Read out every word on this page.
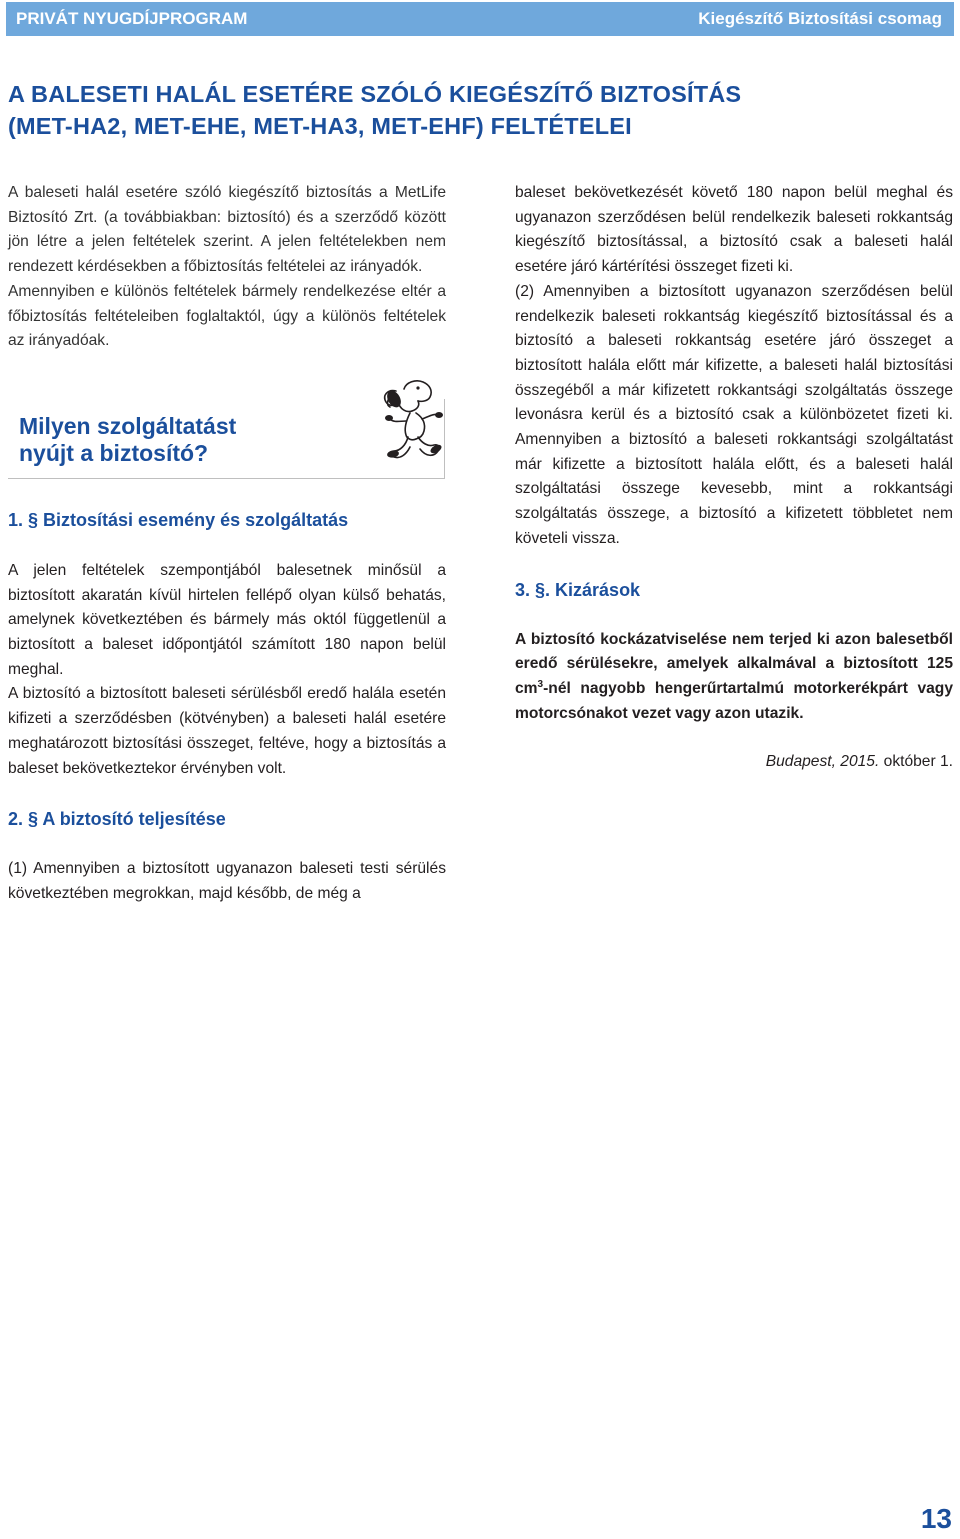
PRIVÁT NYUGDÍJPROGRAM	Kiegészítő Biztosítási csomag
A BALESETI HALÁL ESETÉRE SZÓLÓ KIEGÉSZÍTŐ BIZTOSÍTÁS
(MET-HA2, MET-EHE, MET-HA3, MET-EHF) FELTÉTELEI

A baleseti halál esetére szóló kiegészítő biztosítás a MetLife Biztosító Zrt. (a továbbiakban: biztosító) és a szerződő között jön létre a jelen feltételek szerint. A jelen feltételekben nem rendezett kérdésekben a főbiztosítás feltételei az irányadók.

Amennyiben e különös feltételek bármely rendelkezése eltér a főbiztosítás feltételeiben foglaltaktól, úgy a különös feltételek az irányadóak.

Milyen szolgáltatást
nyújt a biztosító?
1. § Biztosítási esemény és szolgáltatás

A jelen feltételek szempontjából balesetnek minősül a biztosított akaratán kívül hirtelen fellépő olyan külső behatás, amelynek következtében és bármely más októl függetlenül a biztosított a baleset időpontjától számított 180 napon belül meghal.

A biztosító a biztosított baleseti sérülésből eredő halála esetén kifizeti a szerződésben (kötvényben) a baleseti halál esetére meghatározott biztosítási összeget, feltéve, hogy a biztosítás a baleset bekövetkeztekor érvényben volt.

2. § A biztosító teljesítése

(1) Amennyiben a biztosított ugyanazon baleseti testi sérülés következtében megrokkan, majd később, de még a

baleset bekövetkezését követő 180 napon belül meghal és ugyanazon szerződésen belül rendelkezik baleseti rokkantság kiegészítő biztosítással, a biztosító csak a baleseti halál esetére járó kártérítési összeget fizeti ki.

(2) Amennyiben a biztosított ugyanazon szerződésen belül rendelkezik baleseti rokkantság kiegészítő biztosítással és a biztosító a baleseti rokkantság esetére járó összeget a biztosított halála előtt már kifizette, a baleseti halál biztosítási összegéből a már kifizetett rokkantsági szolgáltatás összege levonásra kerül és a biztosító csak a különbözetet fizeti ki. Amennyiben a biztosító a baleseti rokkantsági szolgáltatást már kifizette a biztosított halála előtt, és a baleseti halál szolgáltatási összege kevesebb, mint a rokkantsági szolgáltatás összege, a biztosító a kifizetett többletet nem követeli vissza.

3. §. Kizárások

A biztosító kockázatviselése nem terjed ki azon balesetből eredő sérülésekre, amelyek alkalmával a biztosított 125 $cm^3$-nél nagyobb hengerűrtartalmú motorkerékpárt vagy motorcsónakot vezet vagy azon utazik.

Budapest, 2015. október 1.
13
